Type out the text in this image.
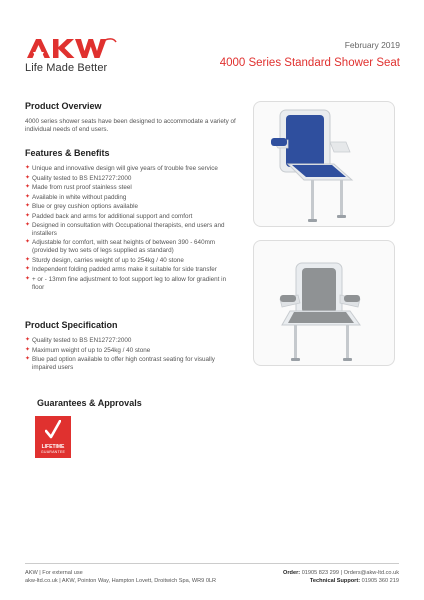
Life Made Better
February 2019
4000 Series Standard Shower Seat
Product Overview

4000 series shower seats have been designed to accommodate a variety of individual needs of end users.

Features & Benefits
✦ Unique and innovative design will give years of trouble free service
✦ Quality tested to BS EN12727:2000
✦ Made from rust proof stainless steel
✦ Available in white without padding
✦ Blue or grey cushion options available
✦ Padded back and arms for additional support and comfort
✦ Designed in consultation with Occupational therapists, end users and installers
✦ Adjustable for comfort, with seat heights of between 390 - 640mm (provided by two sets of legs supplied as standard)
✦ Sturdy design, carries weight of up to 254kg / 40 stone
✦ Independent folding padded arms make it suitable for side transfer
✦ + or - 13mm fine adjustment to foot support leg to allow for gradient in floor
Product Specification
✦ Quality tested to BS EN12727:2000
✦ Maximum weight of up to 254kg / 40 stone
✦ Blue pad option available to offer high contrast seating for visually impaired users
Guarantees & Approvals
LIFETIME
GUARANTEE
AKW | For external use
akw-ltd.co.uk | AKW, Pointon Way, Hampton Lovett, Droitwich Spa, WR9 0LR
Order: 01905 823 299 | Orders@akw-ltd.co.uk
Technical Support: 01905 360 219
